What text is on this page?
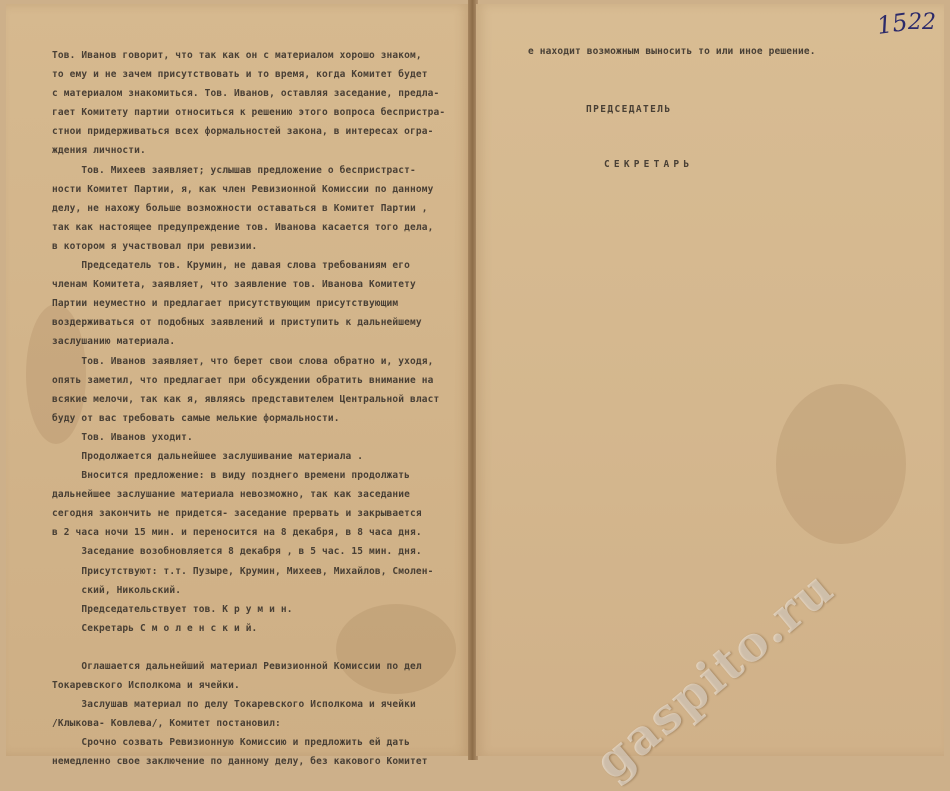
Тов. Иванов говорит, что так как он с материалом хорошо знаком,
то ему и не зачем присутствовать и то время, когда Комитет будет
с материалом знакомиться. Тов. Иванов, оставляя заседание, предла-
гает Комитету партии относиться к решению этого вопроса беспристра-
стнои придерживаться всех формальностей закона, в интересах огра-
ждения личности.
Тов. Михеев заявляет; услышав предложение о беспристраст-
ности Комитет Партии, я, как член Ревизионной Комиссии по данному
делу, не нахожу больше возможности оставаться в Комитет Партии ,
так как настоящее предупреждение тов. Иванова касается того дела,
в котором я участвовал при ревизии.
Председатель тов. Крумин, не давая слова требованиям его
членам Комитета, заявляет, что заявление тов. Иванова Комитету
Партии неуместно и предлагает присутствующим присутствующим
воздерживаться от подобных заявлений и приступить к дальнейшему
заслушанию материала.
Тов. Иванов заявляет, что берет свои слова обратно и, уходя,
опять заметил, что предлагает при обсуждении обратить внимание на
всякие мелочи, так как я, являясь представителем Центральной власт
буду от вас требовать самые мелькие формальности.
Тов. Иванов уходит.
Продолжается дальнейшее заслушивание материала .
Вносится предложение: в виду позднего времени продолжать
дальнейшее заслушание материала невозможно, так как заседание
сегодня закончить не придется- заседание прервать и закрывается
в 2 часа ночи 15 мин. и переносится на 8 декабря, в 8 часа дня.
Заседание возобновляется 8 декабря , в 5 час. 15 мин. дня.
Присутствуют: т.т. Пузыре, Крумин, Михеев, Михайлов, Смолен-
ский, Никольский.
Председательствует тов. К р у м и н.
Секретарь С м о л е н с к и й.
Оглашается дальнейший материал Ревизионной Комиссии по дел
Токаревского Исполкома и ячейки.
Заслушав материал по делу Токаревского Исполкома и ячейки
/Клыкова- Ковлева/, Комитет постановил:
Срочно созвать Ревизионную Комиссию и предложить ей дать
немедленно свое заключение по данному делу, без какового Комитет
е находит возможным выносить то или иное решение.
ПРЕДСЕДАТЕЛЬ
СЕКРЕТАРЬ
15
22
gaspito.ru
